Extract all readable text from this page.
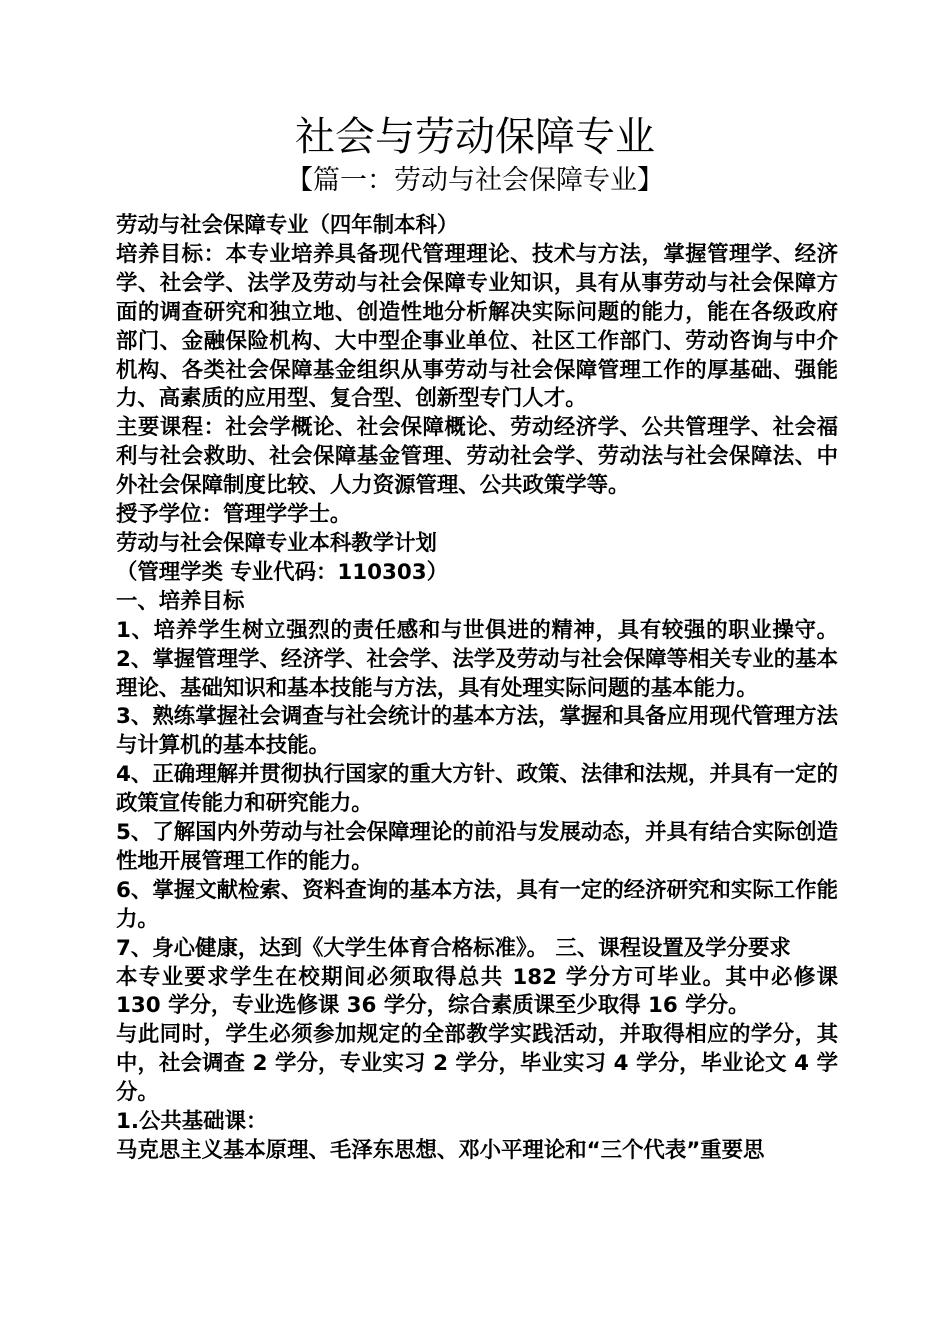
社会与劳动保障专业
【篇一：劳动与社会保障专业】

劳动与社会保障专业（四年制本科）

培养目标：本专业培养具备现代管理理论、技术与方法，掌握管理学、经济学、社会学、法学及劳动与社会保障专业知识，具有从事劳动与社会保障方面的调查研究和独立地、创造性地分析解决实际问题的能力，能在各级政府部门、金融保险机构、大中型企事业单位、社区工作部门、劳动咨询与中介机构、各类社会保障基金组织从事劳动与社会保障管理工作的厚基础、强能力、高素质的应用型、复合型、创新型专门人才。

主要课程：社会学概论、社会保障概论、劳动经济学、公共管理学、社会福利与社会救助、社会保障基金管理、劳动社会学、劳动法与社会保障法、中外社会保障制度比较、人力资源管理、公共政策学等。

授予学位：管理学学士。

劳动与社会保障专业本科教学计划

（管理学类 专业代码：110303）

一、培养目标

1、培养学生树立强烈的责任感和与世俱进的精神，具有较强的职业操守。 2、掌握管理学、经济学、社会学、法学及劳动与社会保障等相关专业的基本理论、基础知识和基本技能与方法，具有处理实际问题的基本能力。

3、熟练掌握社会调查与社会统计的基本方法，掌握和具备应用现代管理方法与计算机的基本技能。

4、正确理解并贯彻执行国家的重大方针、政策、法律和法规，并具有一定的政策宣传能力和研究能力。

5、了解国内外劳动与社会保障理论的前沿与发展动态，并具有结合实际创造性地开展管理工作的能力。

6、掌握文献检索、资料查询的基本方法，具有一定的经济研究和实际工作能力。

7、身心健康，达到《大学生体育合格标准》。 三、课程设置及学分要求

本专业要求学生在校期间必须取得总共 182 学分方可毕业。其中必修课 130 学分，专业选修课 36 学分，综合素质课至少取得 16 学分。

与此同时，学生必须参加规定的全部教学实践活动，并取得相应的学分，其中，社会调查 2 学分，专业实习 2 学分，毕业实习 4 学分，毕业论文 4 学分。

1.公共基础课：

马克思主义基本原理、毛泽东思想、邓小平理论和“三个代表”重要思
